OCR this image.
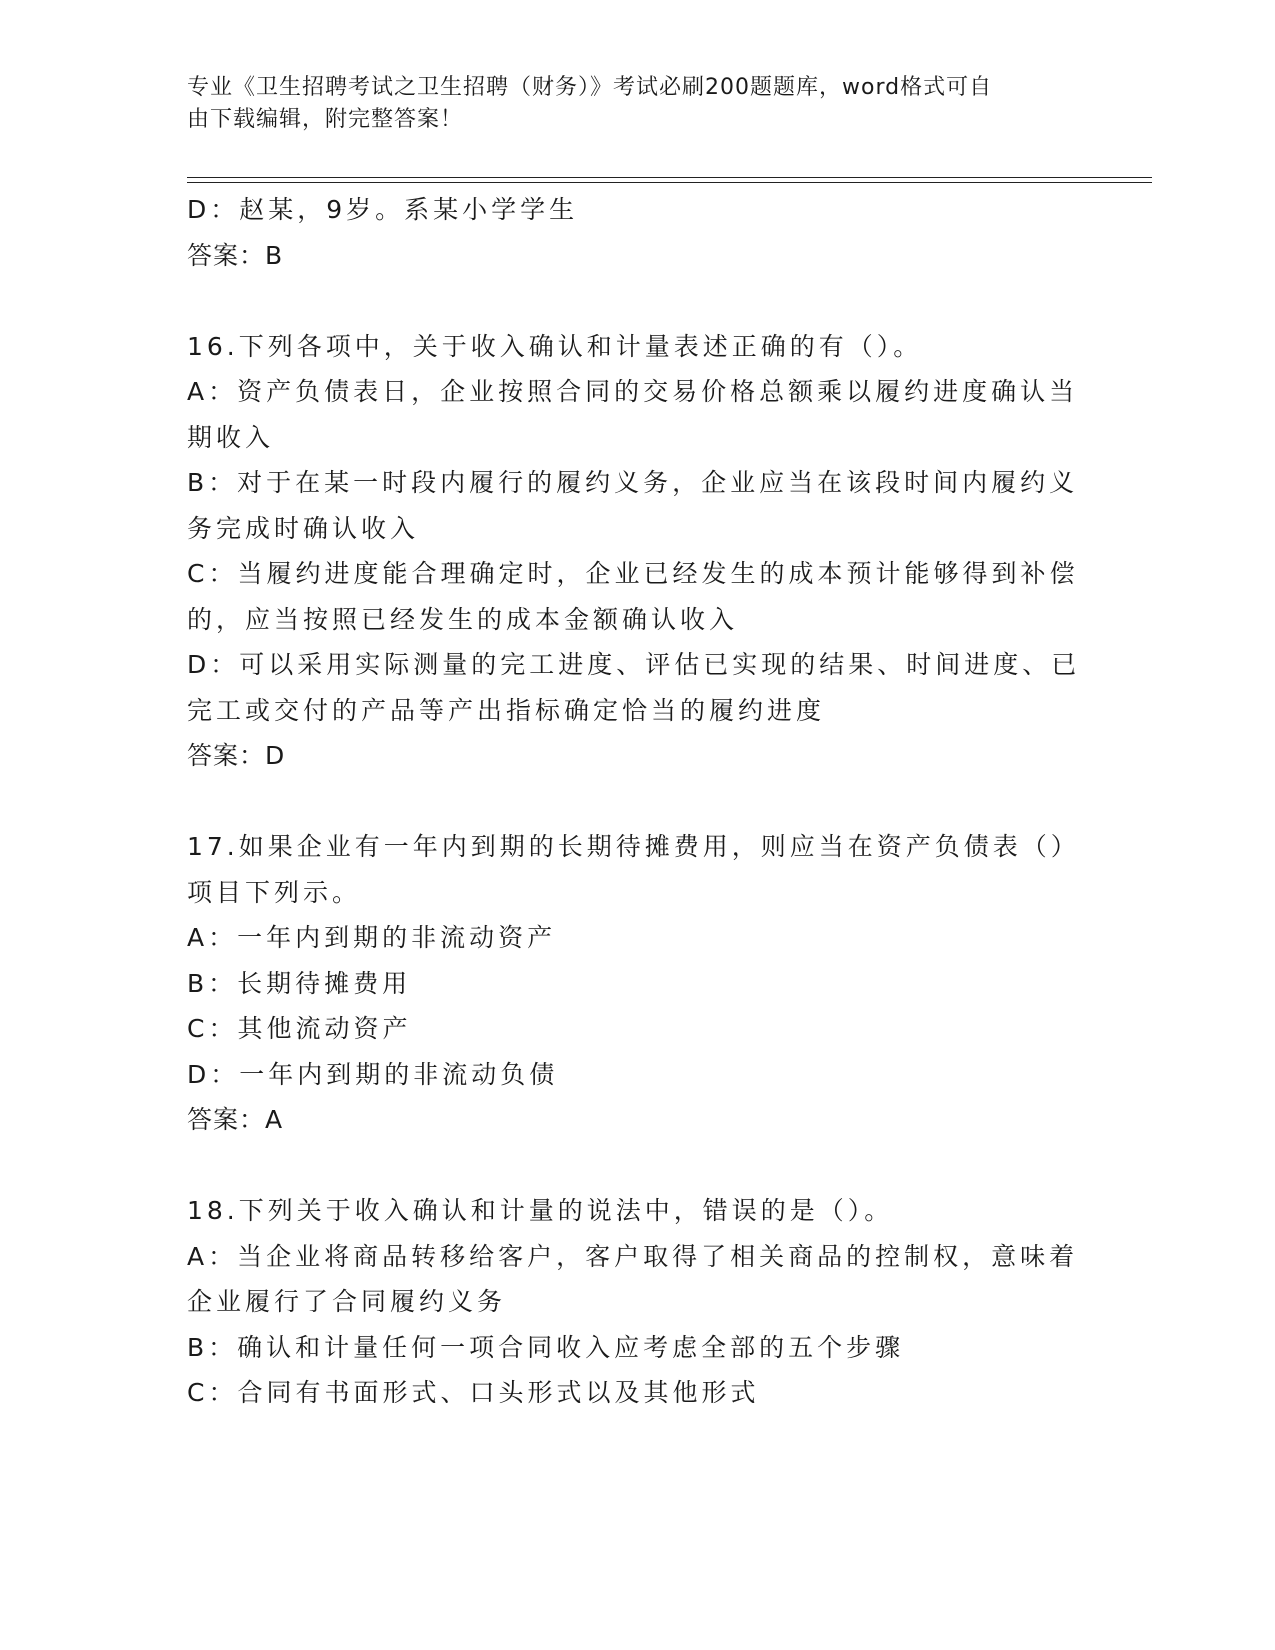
专业《卫生招聘考试之卫生招聘（财务）》考试必刷200题题库，word格式可自
由下载编辑，附完整答案！
D：赵某，9岁。系某小学学生
答案：B
16.下列各项中，关于收入确认和计量表述正确的有（）。
A：资产负债表日，企业按照合同的交易价格总额乘以履约进度确认当
期收入
B：对于在某一时段内履行的履约义务，企业应当在该段时间内履约义
务完成时确认收入
C：当履约进度能合理确定时，企业已经发生的成本预计能够得到补偿
的，应当按照已经发生的成本金额确认收入
D：可以采用实际测量的完工进度、评估已实现的结果、时间进度、已
完工或交付的产品等产出指标确定恰当的履约进度
答案：D
17.如果企业有一年内到期的长期待摊费用，则应当在资产负债表（）
项目下列示。
A：一年内到期的非流动资产
B：长期待摊费用
C：其他流动资产
D：一年内到期的非流动负债
答案：A
18.下列关于收入确认和计量的说法中，错误的是（）。
A：当企业将商品转移给客户，客户取得了相关商品的控制权，意味着
企业履行了合同履约义务
B：确认和计量任何一项合同收入应考虑全部的五个步骤
C：合同有书面形式、口头形式以及其他形式
